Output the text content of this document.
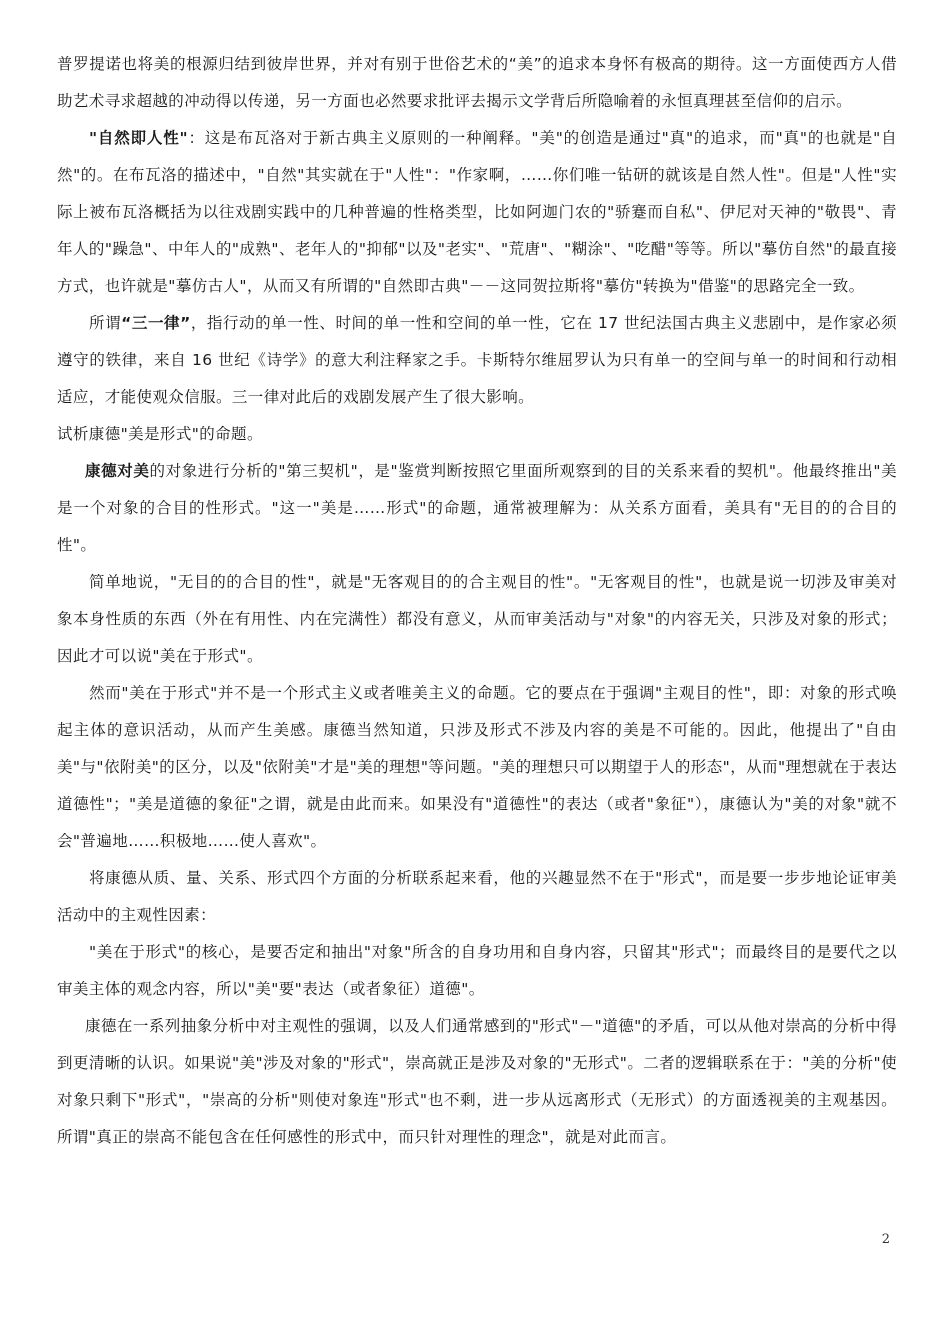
普罗提诺也将美的根源归结到彼岸世界，并对有别于世俗艺术的“美”的追求本身怀有极高的期待。这一方面使西方人借助艺术寻求超越的冲动得以传递，另一方面也必然要求批评去揭示文学背后所隐喻着的永恒真理甚至信仰的启示。

"自然即人性"：这是布瓦洛对于新古典主义原则的一种阐释。"美"的创造是通过"真"的追求，而"真"的也就是"自然"的。在布瓦洛的描述中，"自然"其实就在于"人性"："作家啊，……你们唯一钻研的就该是自然人性"。但是"人性"实际上被布瓦洛概括为以往戏剧实践中的几种普遍的性格类型，比如阿迦门农的"骄蹇而自私"、伊尼对天神的"敬畏"、青年人的"躁急"、中年人的"成熟"、老年人的"抑郁"以及"老实"、"荒唐"、"糊涂"、"吃醋"等等。所以"摹仿自然"的最直接方式，也许就是"摹仿古人"，从而又有所谓的"自然即古典"－－这同贺拉斯将"摹仿"转换为"借鉴"的思路完全一致。

所谓“三一律”，指行动的单一性、时间的单一性和空间的单一性，它在 17 世纪法国古典主义悲剧中，是作家必须遵守的铁律，来自 16 世纪《诗学》的意大利注释家之手。卡斯特尔维屈罗认为只有单一的空间与单一的时间和行动相适应，才能使观众信服。三一律对此后的戏剧发展产生了很大影响。

试析康德"美是形式"的命题。

康德对美的对象进行分析的"第三契机"，是"鉴赏判断按照它里面所观察到的目的关系来看的契机"。他最终推出"美是一个对象的合目的性形式。"这一"美是……形式"的命题，通常被理解为：从关系方面看，美具有"无目的的合目的性"。

简单地说，"无目的的合目的性"，就是"无客观目的的合主观目的性"。"无客观目的性"，也就是说一切涉及审美对象本身性质的东西（外在有用性、内在完满性）都没有意义，从而审美活动与"对象"的内容无关，只涉及对象的形式；因此才可以说"美在于形式"。

然而"美在于形式"并不是一个形式主义或者唯美主义的命题。它的要点在于强调"主观目的性"，即：对象的形式唤起主体的意识活动，从而产生美感。康德当然知道，只涉及形式不涉及内容的美是不可能的。因此，他提出了"自由美"与"依附美"的区分，以及"依附美"才是"美的理想"等问题。"美的理想只可以期望于人的形态"，从而"理想就在于表达道德性"；"美是道德的象征"之谓，就是由此而来。如果没有"道德性"的表达（或者"象征"），康德认为"美的对象"就不会"普遍地……积极地……使人喜欢"。

将康德从质、量、关系、形式四个方面的分析联系起来看，他的兴趣显然不在于"形式"，而是要一步步地论证审美活动中的主观性因素：

"美在于形式"的核心，是要否定和抽出"对象"所含的自身功用和自身内容，只留其"形式"；而最终目的是要代之以审美主体的观念内容，所以"美"要"表达（或者象征）道德"。

康德在一系列抽象分析中对主观性的强调，以及人们通常感到的"形式"－"道德"的矛盾，可以从他对崇高的分析中得到更清晰的认识。如果说"美"涉及对象的"形式"，崇高就正是涉及对象的"无形式"。二者的逻辑联系在于："美的分析"使对象只剩下"形式"，"崇高的分析"则使对象连"形式"也不剩，进一步从远离形式（无形式）的方面透视美的主观基因。所谓"真正的崇高不能包含在任何感性的形式中，而只针对理性的理念"，就是对此而言。

2
